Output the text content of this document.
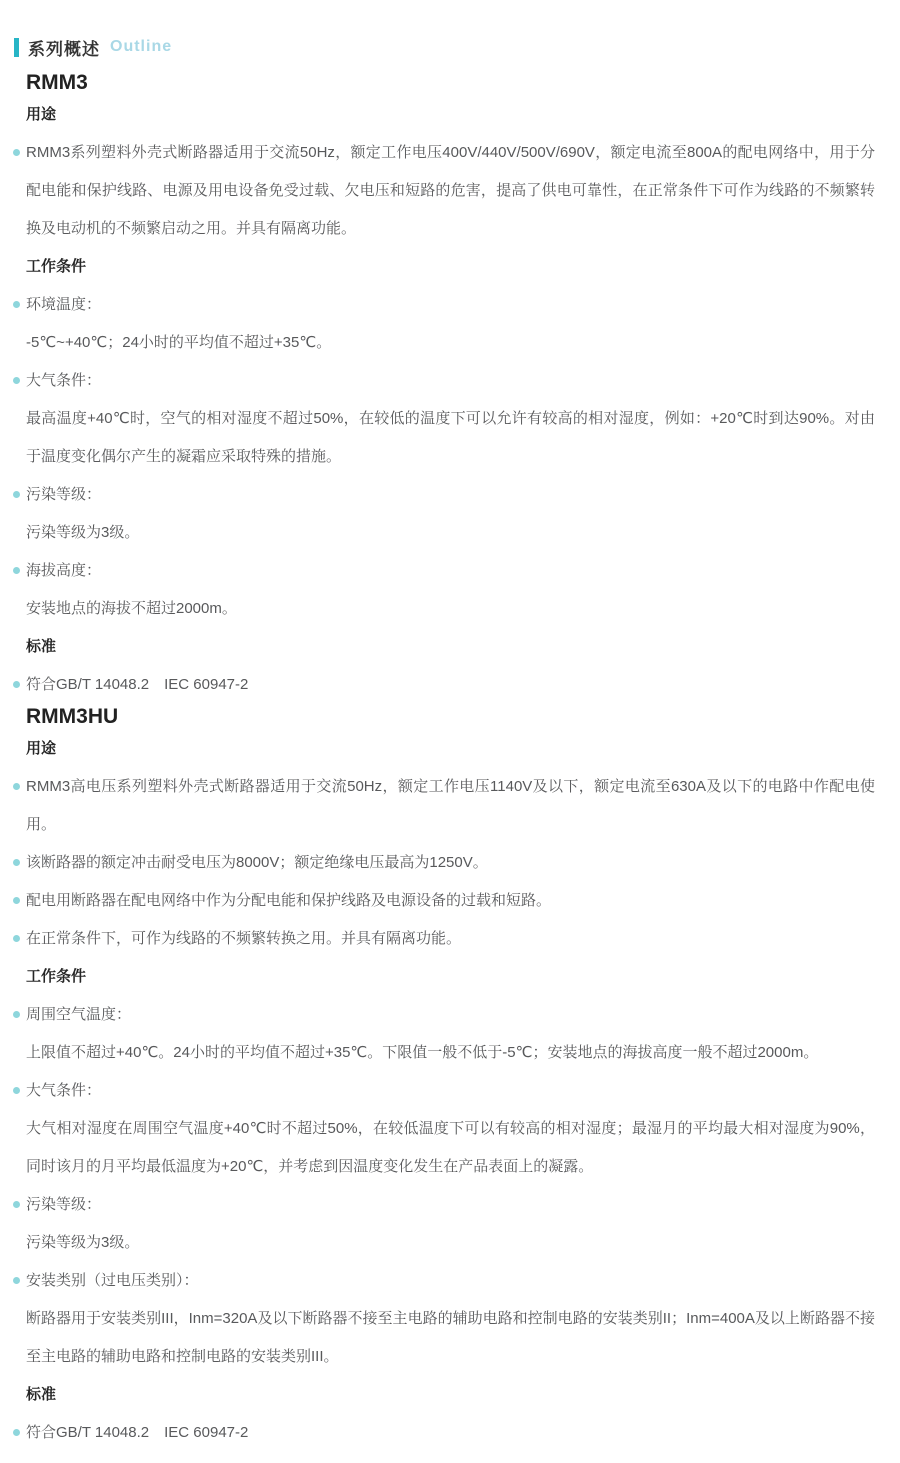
系列概述 Outline
RMM3
用途
RMM3系列塑料外壳式断路器适用于交流50Hz，额定工作电压400V/440V/500V/690V，额定电流至800A的配电网络中，用于分配电能和保护线路、电源及用电设备免受过载、欠电压和短路的危害，提高了供电可靠性，在正常条件下可作为线路的不频繁转换及电动机的不频繁启动之用。并具有隔离功能。
工作条件
环境温度：
-5℃~+40℃；24小时的平均值不超过+35℃。
大气条件：
最高温度+40℃时，空气的相对湿度不超过50%，在较低的温度下可以允许有较高的相对湿度，例如：+20℃时到达90%。对由于温度变化偶尔产生的凝霜应采取特殊的措施。
污染等级：
污染等级为3级。
海拔高度：
安装地点的海拔不超过2000m。
标准
符合GB/T 14048.2　IEC 60947-2
RMM3HU
用途
RMM3高电压系列塑料外壳式断路器适用于交流50Hz，额定工作电压1140V及以下，额定电流至630A及以下的电路中作配电使用。
该断路器的额定冲击耐受电压为8000V；额定绝缘电压最高为1250V。
配电用断路器在配电网络中作为分配电能和保护线路及电源设备的过载和短路。
在正常条件下，可作为线路的不频繁转换之用。并具有隔离功能。
工作条件
周围空气温度：
上限值不超过+40℃。24小时的平均值不超过+35℃。下限值一般不低于-5℃；安装地点的海拔高度一般不超过2000m。
大气条件：
大气相对湿度在周围空气温度+40℃时不超过50%，在较低温度下可以有较高的相对湿度；最湿月的平均最大相对湿度为90%，同时该月的月平均最低温度为+20℃，并考虑到因温度变化发生在产品表面上的凝露。
污染等级：
污染等级为3级。
安装类别（过电压类别）：
断路器用于安装类别III，Inm=320A及以下断路器不接至主电路的辅助电路和控制电路的安装类别II；Inm=400A及以上断路器不接至主电路的辅助电路和控制电路的安装类别III。
标准
符合GB/T 14048.2　IEC 60947-2
